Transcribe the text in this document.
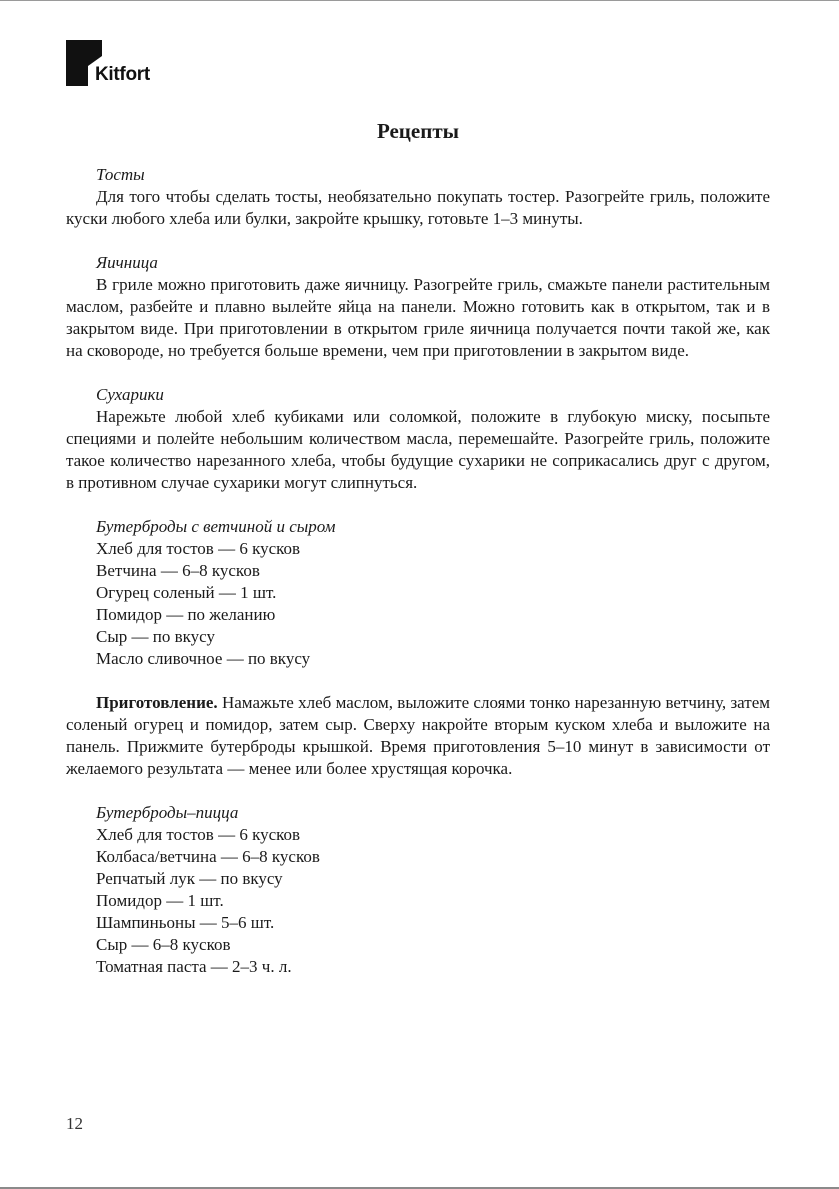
Kitfort
Рецепты
Тосты

Для того чтобы сделать тосты, необязательно покупать тостер. Разогрейте гриль, положите куски любого хлеба или булки, закройте крышку, готовьте 1–3 минуты.

Яичница

В гриле можно приготовить даже яичницу. Разогрейте гриль, смажьте панели растительным маслом, разбейте и плавно вылейте яйца на панели. Можно готовить как в открытом, так и в закрытом виде. При приготовлении в открытом гриле яичница получается почти такой же, как на сковороде, но требуется больше времени, чем при приготовлении в закрытом виде.

Сухарики

Нарежьте любой хлеб кубиками или соломкой, положите в глубокую миску, посыпьте специями и полейте небольшим количеством масла, перемешайте. Разогрейте гриль, положите такое количество нарезанного хлеба, чтобы будущие сухарики не соприкасались друг с другом, в противном случае сухарики могут слипнуться.

Бутерброды с ветчиной и сыром
Хлеб для тостов — 6 кусков
Ветчина — 6–8 кусков
Огурец соленый — 1 шт.
Помидор — по желанию
Сыр — по вкусу
Масло сливочное — по вкусу

Приготовление. Намажьте хлеб маслом, выложите слоями тонко нарезанную ветчину, затем соленый огурец и помидор, затем сыр. Сверху накройте вторым куском хлеба и выложите на панель. Прижмите бутерброды крышкой. Время приготовления 5–10 минут в зависимости от желаемого результата — менее или более хрустящая корочка.

Бутерброды–пицца
Хлеб для тостов — 6 кусков
Колбаса/ветчина — 6–8 кусков
Репчатый лук — по вкусу
Помидор — 1 шт.
Шампиньоны — 5–6 шт.
Сыр — 6–8 кусков
Томатная паста — 2–3 ч. л.
12
